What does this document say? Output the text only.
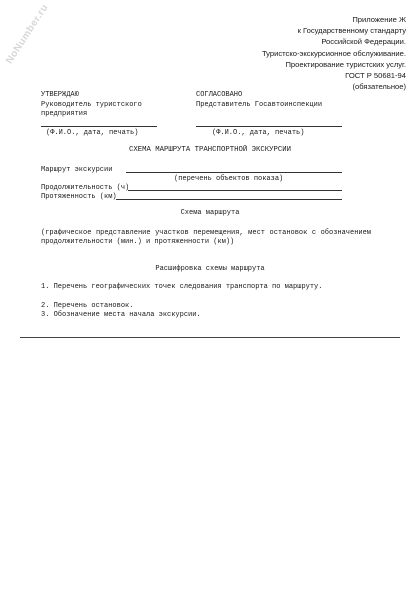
NoNumber.ru	Приложение Ж
к Государственному стандарту
Российской Федерации.
Туристско-экскурсионное обслуживание.
Проектирование туристских услуг.
ГОСТ Р 50681-94
(обязательное)
УТВЕРЖДАЮ
Руководитель туристского
предприятия
(Ф.И.О., дата, печать)
СОГЛАСОВАНО
Представитель Госавтоинспекции
(Ф.И.О., дата, печать)
СХЕМА МАРШРУТА ТРАНСПОРТНОЙ ЭКСКУРСИИ
Маршрут экскурсии
(перечень объектов показа)
Продолжительность (ч)
Протяженность (км)
Схема маршрута
(графическое представление участков перемещения, мест остановок с обозначением продолжительности (мин.) и протяженности (км))
Расшифровка схемы маршрута
1. Перечень географических точек следования транспорта по маршруту.
2. Перечень остановок.
3. Обозначение места начала экскурсии.
